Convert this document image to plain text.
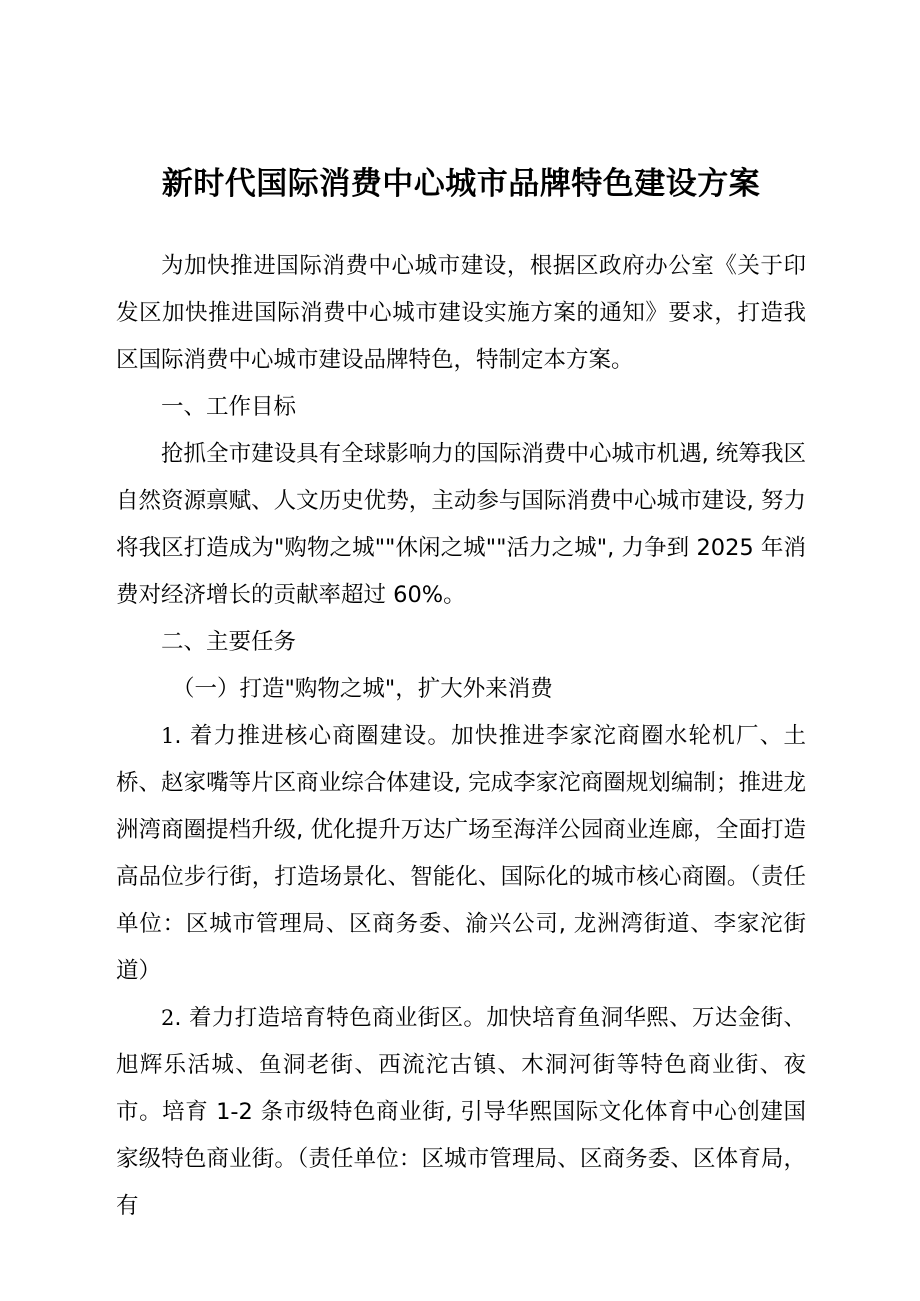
新时代国际消费中心城市品牌特色建设方案

为加快推进国际消费中心城市建设，根据区政府办公室《关于印发区加快推进国际消费中心城市建设实施方案的通知》要求，打造我区国际消费中心城市建设品牌特色，特制定本方案。

一、工作目标

抢抓全市建设具有全球影响力的国际消费中心城市机遇, 统筹我区自然资源禀赋、人文历史优势，主动参与国际消费中心城市建设, 努力将我区打造成为"购物之城""休闲之城""活力之城", 力争到 2025 年消费对经济增长的贡献率超过 60%。

二、主要任务

（一）打造"购物之城"，扩大外来消费

1. 着力推进核心商圈建设。加快推进李家沱商圈水轮机厂、土桥、赵家嘴等片区商业综合体建设, 完成李家沱商圈规划编制；推进龙洲湾商圈提档升级, 优化提升万达广场至海洋公园商业连廊，全面打造高品位步行街，打造场景化、智能化、国际化的城市核心商圈。（责任单位：区城市管理局、区商务委、渝兴公司, 龙洲湾街道、李家沱街道）

2. 着力打造培育特色商业街区。加快培育鱼洞华熙、万达金街、旭辉乐活城、鱼洞老街、西流沱古镇、木洞河街等特色商业街、夜市。培育 1-2 条市级特色商业街, 引导华熙国际文化体育中心创建国家级特色商业街。（责任单位：区城市管理局、区商务委、区体育局，有
